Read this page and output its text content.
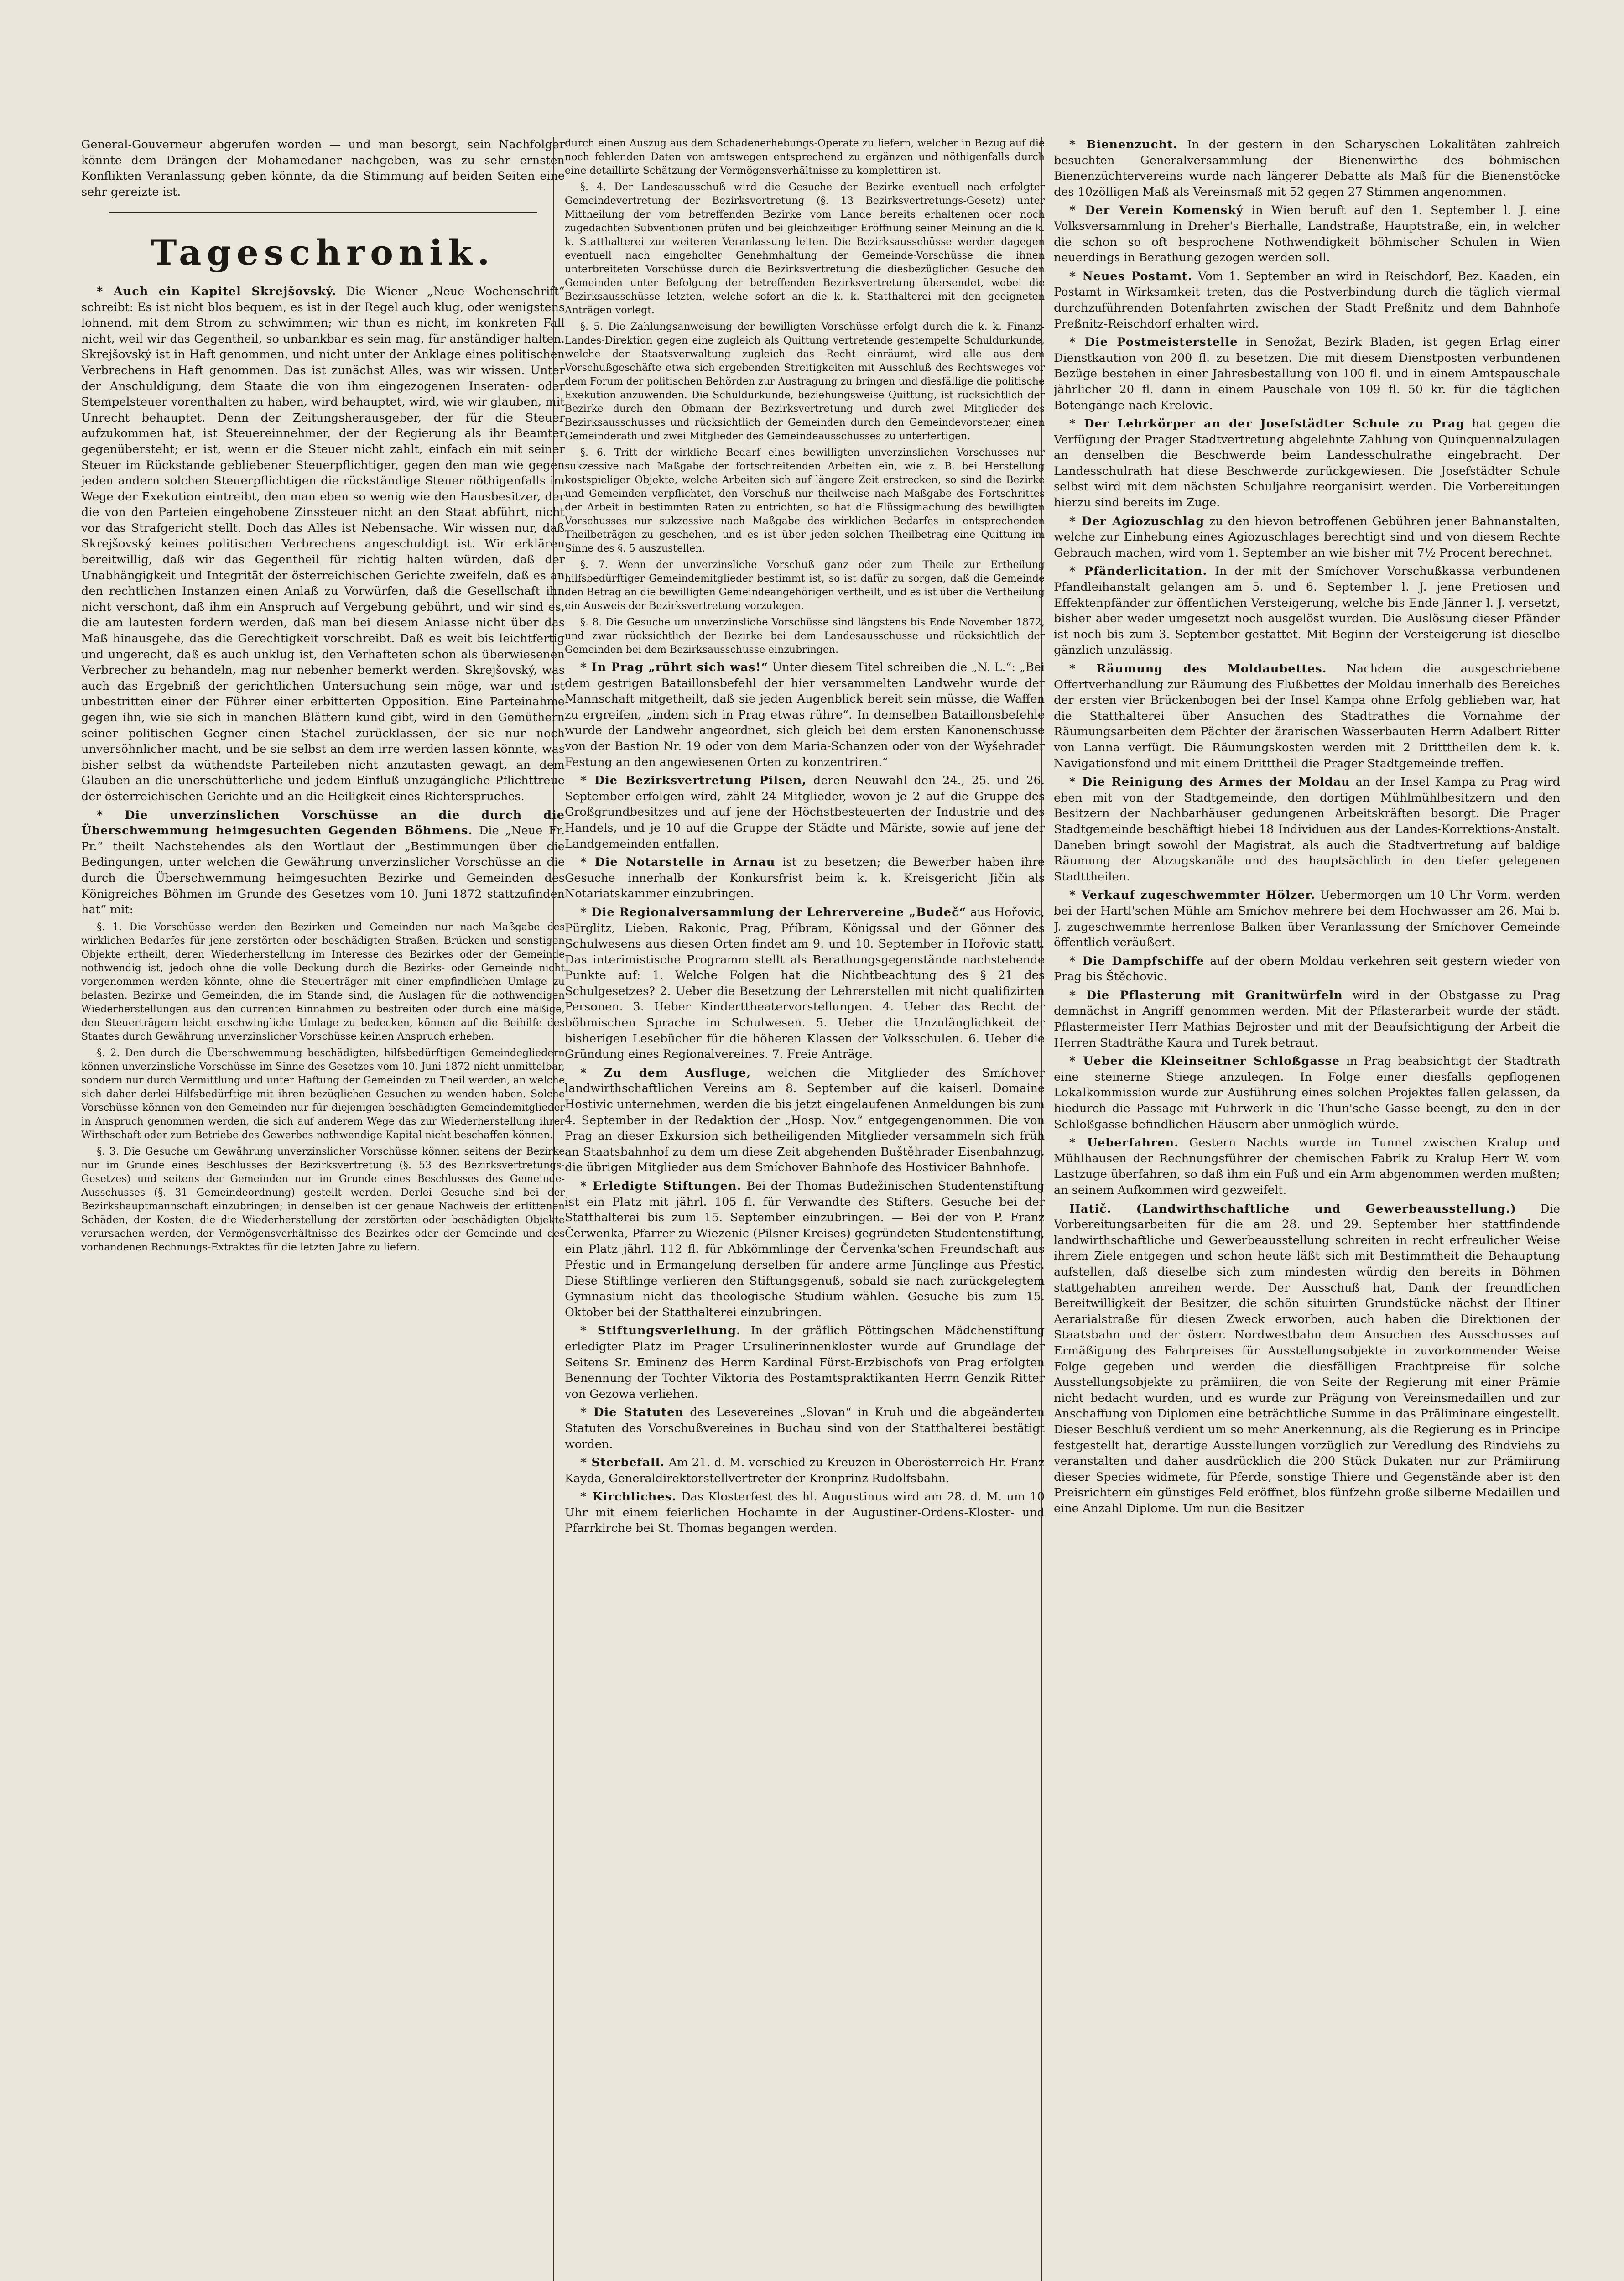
General-Gouverneur abgerufen worden — und man besorgt, sein Nachfolger könnte dem Drängen der Mohamedaner nachgeben, was zu sehr ernsten Konflikten Veranlassung geben könnte, da die Stimmung auf beiden Seiten eine sehr gereizte ist.

Tageschronik.

* Auch ein Kapitel Skrejšovský. Die Wiener „Neue Wochenschrift“ schreibt: Es ist nicht blos bequem, es ist in der Regel auch klug, oder wenigstens lohnend, mit dem Strom zu schwimmen; wir thun es nicht, im konkreten Fall nicht, weil wir das Gegentheil, so unbankbar es sein mag, für anständiger halten. Skrejšovský ist in Haft genommen, und nicht unter der Anklage eines politischen Verbrechens in Haft genommen. Das ist zunächst Alles, was wir wissen. Unter der Anschuldigung, dem Staate die von ihm eingezogenen Inseraten- oder Stempelsteuer vorenthalten zu haben, wird behauptet, wird, wie wir glauben, mit Unrecht behauptet. Denn der Zeitungsherausgeber, der für die Steuer aufzukommen hat, ist Steuereinnehmer, der der Regierung als ihr Beamter gegenübersteht; er ist, wenn er die Steuer nicht zahlt, einfach ein mit seiner Steuer im Rückstande gebliebener Steuerpflichtiger, gegen den man wie gegen jeden andern solchen Steuerpflichtigen die rückständige Steuer nöthigenfalls im Wege der Exekution eintreibt, den man eben so wenig wie den Hausbesitzer, der die von den Parteien eingehobene Zinssteuer nicht an den Staat abführt, nicht vor das Strafgericht stellt. Doch das Alles ist Nebensache. Wir wissen nur, daß Skrejšovský keines politischen Verbrechens angeschuldigt ist. Wir erklären bereitwillig, daß wir das Gegentheil für richtig halten würden, daß der Unabhängigkeit und Integrität der österreichischen Gerichte zweifeln, daß es an den rechtlichen Instanzen einen Anlaß zu Vorwürfen, daß die Gesellschaft ihn nicht verschont, daß ihm ein Anspruch auf Vergebung gebührt, und wir sind es, die am lautesten fordern werden, daß man bei diesem Anlasse nicht über das Maß hinausgehe, das die Gerechtigkeit vorschreibt. Daß es weit bis leichtfertig und ungerecht, daß es auch unklug ist, den Verhafteten schon als überwiesenen Verbrecher zu behandeln, mag nur nebenher bemerkt werden. Skrejšovský, was auch das Ergebniß der gerichtlichen Untersuchung sein möge, war und ist unbestritten einer der Führer einer erbitterten Opposition. Eine Parteinahme gegen ihn, wie sie sich in manchen Blättern kund gibt, wird in den Gemüthern seiner politischen Gegner einen Stachel zurücklassen, der sie nur noch unversöhnlicher macht, und be sie selbst an dem irre werden lassen könnte, was bisher selbst da wüthendste Parteileben nicht anzutasten gewagt, an dem Glauben an die unerschütterliche und jedem Einfluß unzugängliche Pflichttreue der österreichischen Gerichte und an die Heiligkeit eines Richterspruches.

* Die unverzinslichen Vorschüsse an die durch die Überschwemmung heimgesuchten Gegenden Böhmens. Die „Neue Fr. Pr.“ theilt Nachstehendes als den Wortlaut der „Bestimmungen über die Bedingungen, unter welchen die Gewährung unverzinslicher Vorschüsse an die durch die Überschwemmung heimgesuchten Bezirke und Gemeinden des Königreiches Böhmen im Grunde des Gesetzes vom 10. Juni 1872 stattzufinden hat“ mit:

§. 1. Die Vorschüsse werden den Bezirken und Gemeinden nur nach Maßgabe des wirklichen Bedarfes für jene zerstörten oder beschädigten Straßen, Brücken und sonstigen Objekte ertheilt, deren Wiederherstellung im Interesse des Bezirkes oder der Gemeinde nothwendig ist, jedoch ohne die volle Deckung durch die Bezirks- oder Gemeinde nicht vorgenommen werden könnte, ohne die Steuerträger mit einer empfindlichen Umlage zu belasten. Bezirke und Gemeinden, die im Stande sind, die Auslagen für die nothwendigen Wiederherstellungen aus den currenten Einnahmen zu bestreiten oder durch eine mäßige, den Steuerträgern leicht erschwingliche Umlage zu bedecken, können auf die Beihilfe des Staates durch Gewährung unverzinslicher Vorschüsse keinen Anspruch erheben.

§. 2. Den durch die Überschwemmung beschädigten, hilfsbedürftigen Gemeindegliedern können unverzinsliche Vorschüsse im Sinne des Gesetzes vom 10. Juni 1872 nicht unmittelbar, sondern nur durch Vermittlung und unter Haftung der Gemeinden zu Theil werden, an welche sich daher derlei Hilfsbedürftige mit ihren bezüglichen Gesuchen zu wenden haben. Solche Vorschüsse können von den Gemeinden nur für diejenigen beschädigten Gemeindemitglieder in Anspruch genommen werden, die sich auf anderem Wege das zur Wiederherstellung ihrer Wirthschaft oder zum Betriebe des Gewerbes nothwendige Kapital nicht beschaffen können.

§. 3. Die Gesuche um Gewährung unverzinslicher Vorschüsse können seitens der Bezirke nur im Grunde eines Beschlusses der Bezirksvertretung (§. 53 des Bezirksvertretungs-Gesetzes) und seitens der Gemeinden nur im Grunde eines Beschlusses des Gemeinde-Ausschusses (§. 31 Gemeindeordnung) gestellt werden. Derlei Gesuche sind bei der Bezirkshauptmannschaft einzubringen; in denselben ist der genaue Nachweis der erlittenen Schäden, der Kosten, die die Wiederherstellung der zerstörten oder beschädigten Objekte verursachen werden, der Vermögensverhältnisse des Bezirkes oder der Gemeinde und des vorhandenen Rechnungs-Extraktes für die letzten Jahre zu liefern.

durch einen Auszug aus dem Schadenerhebungs-Operate zu liefern, welcher in Bezug auf die noch fehlenden Daten von amtswegen entsprechend zu ergänzen und nöthigenfalls durch eine detaillirte Schätzung der Vermögensverhältnisse zu komplettiren ist.

§. 4. Der Landesausschuß wird die Gesuche der Bezirke eventuell nach erfolgter Gemeindevertretung der Bezirksvertretung (§. 13 Bezirksvertretungs-Gesetz) unter Mittheilung der vom betreffenden Bezirke vom Lande bereits erhaltenen oder noch zugedachten Subventionen prüfen und bei gleichzeitiger Eröffnung seiner Meinung an die k. k. Statthalterei zur weiteren Veranlassung leiten. Die Bezirksausschüsse werden dagegen eventuell nach eingeholter Genehmhaltung der Gemeinde-Vorschüsse die ihnen unterbreiteten Vorschüsse durch die Bezirksvertretung die diesbezüglichen Gesuche den Gemeinden unter Befolgung der betreffenden Bezirksvertretung übersendet, wobei die Bezirksausschüsse letzten, welche sofort an die k. k. Statthalterei mit den geeigneten Anträgen vorlegt.

§. 5. Die Zahlungsanweisung der bewilligten Vorschüsse erfolgt durch die k. k. Finanz-Landes-Direktion gegen eine zugleich als Quittung vertretende gestempelte Schuldurkunde, welche der Staatsverwaltung zugleich das Recht einräumt, wird alle aus dem Vorschußgeschäfte etwa sich ergebenden Streitigkeiten mit Ausschluß des Rechtsweges vor dem Forum der politischen Behörden zur Austragung zu bringen und diesfällige die politische Exekution anzuwenden. Die Schuldurkunde, beziehungsweise Quittung, ist rücksichtlich der Bezirke durch den Obmann der Bezirksvertretung und durch zwei Mitglieder des Bezirksausschusses und rücksichtlich der Gemeinden durch den Gemeindevorsteher, einen Gemeinderath und zwei Mitglieder des Gemeindeausschusses zu unterfertigen.

§. 6. Tritt der wirkliche Bedarf eines bewilligten unverzinslichen Vorschusses nur sukzessive nach Maßgabe der fortschreitenden Arbeiten ein, wie z. B. bei Herstellung kostspieliger Objekte, welche Arbeiten sich auf längere Zeit erstrecken, so sind die Bezirke und Gemeinden verpflichtet, den Vorschuß nur theilweise nach Maßgabe des Fortschrittes der Arbeit in bestimmten Raten zu entrichten, so hat die Flüssigmachung des bewilligten Vorschusses nur sukzessive nach Maßgabe des wirklichen Bedarfes in entsprechenden Theilbeträgen zu geschehen, und es ist über jeden solchen Theilbetrag eine Quittung im Sinne des §. 5 auszustellen.

§. 7. Wenn der unverzinsliche Vorschuß ganz oder zum Theile zur Ertheilung hilfsbedürftiger Gemeindemitglieder bestimmt ist, so ist dafür zu sorgen, daß die Gemeinde den Betrag an die bewilligten Gemeindeangehörigen vertheilt, und es ist über die Vertheilung ein Ausweis der Bezirksvertretung vorzulegen.

§. 8. Die Gesuche um unverzinsliche Vorschüsse sind längstens bis Ende November 1872, und zwar rücksichtlich der Bezirke bei dem Landesausschusse und rücksichtlich der Gemeinden bei dem Bezirksausschusse einzubringen.

* In Prag „rührt sich was!“ Unter diesem Titel schreiben die „N. L.“: „Bei dem gestrigen Bataillonsbefehl der hier versammelten Landwehr wurde der Mannschaft mitgetheilt, daß sie jeden Augenblick bereit sein müsse, die Waffen zu ergreifen, „indem sich in Prag etwas rühre“. In demselben Bataillonsbefehle wurde der Landwehr angeordnet, sich gleich bei dem ersten Kanonenschusse von der Bastion Nr. 19 oder von dem Maria-Schanzen oder von der Wyšehrader Festung an den angewiesenen Orten zu konzentriren.“

* Die Bezirksvertretung Pilsen, deren Neuwahl den 24., 25. und 26. September erfolgen wird, zählt 24 Mitglieder, wovon je 2 auf die Gruppe des Großgrundbesitzes und auf jene der Höchstbesteuerten der Industrie und des Handels, und je 10 auf die Gruppe der Städte und Märkte, sowie auf jene der Landgemeinden entfallen.

* Die Notarstelle in Arnau ist zu besetzen; die Bewerber haben ihre Gesuche innerhalb der Konkursfrist beim k. k. Kreisgericht Jičin als Notariatskammer einzubringen.

* Die Regionalversammlung der Lehrervereine „Budeč“ aus Hořovic, Pürglitz, Lieben, Rakonic, Prag, Příbram, Königssal und der Gönner des Schulwesens aus diesen Orten findet am 9. und 10. September in Hořovic statt. Das interimistische Programm stellt als Berathungsgegenstände nachstehende Punkte auf: 1. Welche Folgen hat die Nichtbeachtung des § 21 des Schulgesetzes? 2. Ueber die Besetzung der Lehrerstellen mit nicht qualifizirten Personen. 3. Ueber Kinderttheatervorstellungen. 4. Ueber das Recht der böhmischen Sprache im Schulwesen. 5. Ueber die Unzulänglichkeit der bisherigen Lesebücher für die höheren Klassen der Volksschulen. 6. Ueber die Gründung eines Regionalvereines. 7. Freie Anträge.

* Zu dem Ausfluge, welchen die Mitglieder des Smíchover landwirthschaftlichen Vereins am 8. September auf die kaiserl. Domaine Hostivic unternehmen, werden die bis jetzt eingelaufenen Anmeldungen bis zum 4. September in der Redaktion der „Hosp. Nov.“ entgegengenommen. Die von Prag an dieser Exkursion sich betheiligenden Mitglieder versammeln sich früh an Staatsbahnhof zu dem um diese Zeit abgehenden Buštěhrader Eisenbahnzug, die übrigen Mitglieder aus dem Smíchover Bahnhofe des Hostivicer Bahnhofe.

* Erledigte Stiftungen. Bei der Thomas Budežinischen Studentenstiftung ist ein Platz mit jährl. 105 fl. für Verwandte des Stifters. Gesuche bei der Statthalterei bis zum 15. September einzubringen. — Bei der von P. Franz Čerwenka, Pfarrer zu Wiezenic (Pilsner Kreises) gegründeten Studentenstiftung, ein Platz jährl. 112 fl. für Abkömmlinge der Červenka'schen Freundschaft aus Přestic und in Ermangelung derselben für andere arme Jünglinge aus Přestic. Diese Stiftlinge verlieren den Stiftungsgenuß, sobald sie nach zurückgelegtem Gymnasium nicht das theologische Studium wählen. Gesuche bis zum 15. Oktober bei der Statthalterei einzubringen.

* Stiftungsverleihung. In der gräflich Pöttingschen Mädchenstiftung erledigter Platz im Prager Ursulinerinnenkloster wurde auf Grundlage der Seitens Sr. Eminenz des Herrn Kardinal Fürst-Erzbischofs von Prag erfolgten Benennung der Tochter Viktoria des Postamtspraktikanten Herrn Genzik Ritter von Gezowa verliehen.

* Die Statuten des Lesevereines „Slovan“ in Kruh und die abgeänderten Statuten des Vorschußvereines in Buchau sind von der Statthalterei bestätigt worden.

* Sterbefall. Am 21. d. M. verschied zu Kreuzen in Oberösterreich Hr. Franz Kayda, Generaldirektorstellvertreter der Kronprinz Rudolfsbahn.

* Kirchliches. Das Klosterfest des hl. Augustinus wird am 28. d. M. um 10 Uhr mit einem feierlichen Hochamte in der Augustiner-Ordens-Kloster- und Pfarrkirche bei St. Thomas begangen werden.

* Bienenzucht. In der gestern in den Scharyschen Lokalitäten zahlreich besuchten Generalversammlung der Bienenwirthe des böhmischen Bienenzüchtervereins wurde nach längerer Debatte als Maß für die Bienenstöcke des 10zölligen Maß als Vereinsmaß mit 52 gegen 27 Stimmen angenommen.

* Der Verein Komenský in Wien beruft auf den 1. September l. J. eine Volksversammlung in Dreher's Bierhalle, Landstraße, Hauptstraße, ein, in welcher die schon so oft besprochene Nothwendigkeit böhmischer Schulen in Wien neuerdings in Berathung gezogen werden soll.

* Neues Postamt. Vom 1. September an wird in Reischdorf, Bez. Kaaden, ein Postamt in Wirksamkeit treten, das die Postverbindung durch die täglich viermal durchzuführenden Botenfahrten zwischen der Stadt Preßnitz und dem Bahnhofe Preßnitz-Reischdorf erhalten wird.

* Die Postmeisterstelle in Senožat, Bezirk Bladen, ist gegen Erlag einer Dienstkaution von 200 fl. zu besetzen. Die mit diesem Dienstposten verbundenen Bezüge bestehen in einer Jahresbestallung von 100 fl. und in einem Amtspauschale jährlicher 20 fl. dann in einem Pauschale von 109 fl. 50 kr. für die täglichen Botengänge nach Krelovic.

* Der Lehrkörper an der Josefstädter Schule zu Prag hat gegen die Verfügung der Prager Stadtvertretung abgelehnte Zahlung von Quinquennalzulagen an denselben die Beschwerde beim Landesschulrathe eingebracht. Der Landesschulrath hat diese Beschwerde zurückgewiesen. Die Josefstädter Schule selbst wird mit dem nächsten Schuljahre reorganisirt werden. Die Vorbereitungen hierzu sind bereits im Zuge.

* Der Agiozuschlag zu den hievon betroffenen Gebühren jener Bahnanstalten, welche zur Einhebung eines Agiozuschlages berechtigt sind und von diesem Rechte Gebrauch machen, wird vom 1. September an wie bisher mit 7½ Procent berechnet.

* Pfänderlicitation. In der mit der Smíchover Vorschußkassa verbundenen Pfandleihanstalt gelangen am 5. und 6. September l. J. jene Pretiosen und Effektenpfänder zur öffentlichen Versteigerung, welche bis Ende Jänner l. J. versetzt, bisher aber weder umgesetzt noch ausgelöst wurden. Die Auslösung dieser Pfänder ist noch bis zum 3. September gestattet. Mit Beginn der Versteigerung ist dieselbe gänzlich unzulässig.

* Räumung des Moldaubettes. Nachdem die ausgeschriebene Offertverhandlung zur Räumung des Flußbettes der Moldau innerhalb des Bereiches der ersten vier Brückenbogen bei der Insel Kampa ohne Erfolg geblieben war, hat die Statthalterei über Ansuchen des Stadtrathes die Vornahme der Räumungsarbeiten dem Pächter der ärarischen Wasserbauten Herrn Adalbert Ritter von Lanna verfügt. Die Räumungskosten werden mit 2 Dritttheilen dem k. k. Navigationsfond und mit einem Dritttheil die Prager Stadtgemeinde treffen.

* Die Reinigung des Armes der Moldau an der Insel Kampa zu Prag wird eben mit von der Stadtgemeinde, den dortigen Mühlmühlbesitzern und den Besitzern der Nachbarhäuser gedungenen Arbeitskräften besorgt. Die Prager Stadtgemeinde beschäftigt hiebei 18 Individuen aus der Landes-Korrektions-Anstalt. Daneben bringt sowohl der Magistrat, als auch die Stadtvertretung auf baldige Räumung der Abzugskanäle und des hauptsächlich in den tiefer gelegenen Stadttheilen.

* Verkauf zugeschwemmter Hölzer. Uebermorgen um 10 Uhr Vorm. werden bei der Hartl'schen Mühle am Smíchov mehrere bei dem Hochwasser am 26. Mai b. J. zugeschwemmte herrenlose Balken über Veranlassung der Smíchover Gemeinde öffentlich veräußert.

* Die Dampfschiffe auf der obern Moldau verkehren seit gestern wieder von Prag bis Štěchovic.

* Die Pflasterung mit Granitwürfeln wird in der Obstgasse zu Prag demnächst in Angriff genommen werden. Mit der Pflasterarbeit wurde der städt. Pflastermeister Herr Mathias Bejroster und mit der Beaufsichtigung der Arbeit die Herren Stadträthe Kaura und Turek betraut.

* Ueber die Kleinseitner Schloßgasse in Prag beabsichtigt der Stadtrath eine steinerne Stiege anzulegen. In Folge einer diesfalls gepflogenen Lokalkommission wurde zur Ausführung eines solchen Projektes fallen gelassen, da hiedurch die Passage mit Fuhrwerk in die Thun'sche Gasse beengt, zu den in der Schloßgasse befindlichen Häusern aber unmöglich würde.

* Ueberfahren. Gestern Nachts wurde im Tunnel zwischen Kralup und Mühlhausen der Rechnungsführer der chemischen Fabrik zu Kralup Herr W. vom Lastzuge überfahren, so daß ihm ein Fuß und ein Arm abgenommen werden mußten; an seinem Aufkommen wird gezweifelt.

Hatič. (Landwirthschaftliche und Gewerbeausstellung.) Die Vorbereitungsarbeiten für die am 28. und 29. September hier stattfindende landwirthschaftliche und Gewerbeausstellung schreiten in recht erfreulicher Weise ihrem Ziele entgegen und schon heute läßt sich mit Bestimmtheit die Behauptung aufstellen, daß dieselbe sich zum mindesten würdig den bereits in Böhmen stattgehabten anreihen werde. Der Ausschuß hat, Dank der freundlichen Bereitwilligkeit der Besitzer, die schön situirten Grundstücke nächst der Iltiner Aerarialstraße für diesen Zweck erworben, auch haben die Direktionen der Staatsbahn und der österr. Nordwestbahn dem Ansuchen des Ausschusses auf Ermäßigung des Fahrpreises für Ausstellungsobjekte in zuvorkommender Weise Folge gegeben und werden die diesfälligen Frachtpreise für solche Ausstellungsobjekte zu prämiiren, die von Seite der Regierung mit einer Prämie nicht bedacht wurden, und es wurde zur Prägung von Vereinsmedaillen und zur Anschaffung von Diplomen eine beträchtliche Summe in das Präliminare eingestellt. Dieser Beschluß verdient um so mehr Anerkennung, als die Regierung es in Principe festgestellt hat, derartige Ausstellungen vorzüglich zur Veredlung des Rindviehs zu veranstalten und daher ausdrücklich die 200 Stück Dukaten nur zur Prämiirung dieser Species widmete, für Pferde, sonstige Thiere und Gegenstände aber ist den Preisrichtern ein günstiges Feld eröffnet, blos fünfzehn große silberne Medaillen und eine Anzahl Diplome. Um nun die Besitzer
